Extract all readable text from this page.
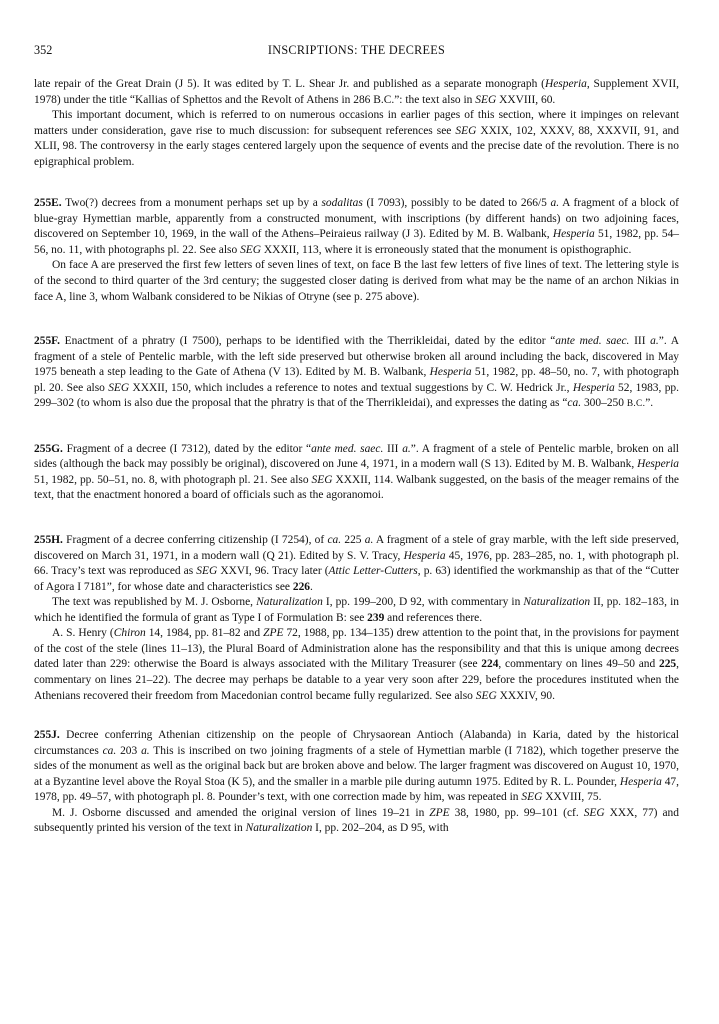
352	INSCRIPTIONS: THE DECREES

late repair of the Great Drain (J 5). It was edited by T. L. Shear Jr. and published as a separate monograph (Hesperia, Supplement XVII, 1978) under the title “Kallias of Sphettos and the Revolt of Athens in 286 B.C.”: the text also in SEG XXVIII, 60.

This important document, which is referred to on numerous occasions in earlier pages of this section, where it impinges on relevant matters under consideration, gave rise to much discussion: for subsequent references see SEG XXIX, 102, XXXV, 88, XXXVII, 91, and XLII, 98. The controversy in the early stages centered largely upon the sequence of events and the precise date of the revolution. There is no epigraphical problem.

255E. Two(?) decrees from a monument perhaps set up by a sodalitas (I 7093), possibly to be dated to 266/5 a. A fragment of a block of blue-gray Hymettian marble, apparently from a constructed monument, with inscriptions (by different hands) on two adjoining faces, discovered on September 10, 1969, in the wall of the Athens–Peiraieus railway (J 3). Edited by M. B. Walbank, Hesperia 51, 1982, pp. 54–56, no. 11, with photographs pl. 22. See also SEG XXXII, 113, where it is erroneously stated that the monument is opisthographic.

On face A are preserved the first few letters of seven lines of text, on face B the last few letters of five lines of text. The lettering style is of the second to third quarter of the 3rd century; the suggested closer dating is derived from what may be the name of an archon Nikias in face A, line 3, whom Walbank considered to be Nikias of Otryne (see p. 275 above).

255F. Enactment of a phratry (I 7500), perhaps to be identified with the Therrikleidai, dated by the editor “ante med. saec. III a.”. A fragment of a stele of Pentelic marble, with the left side preserved but otherwise broken all around including the back, discovered in May 1975 beneath a step leading to the Gate of Athena (V 13). Edited by M. B. Walbank, Hesperia 51, 1982, pp. 48–50, no. 7, with photograph pl. 20. See also SEG XXXII, 150, which includes a reference to notes and textual suggestions by C. W. Hedrick Jr., Hesperia 52, 1983, pp. 299–302 (to whom is also due the proposal that the phratry is that of the Therrikleidai), and expresses the dating as “ca. 300–250 B.C.”.

255G. Fragment of a decree (I 7312), dated by the editor “ante med. saec. III a.”. A fragment of a stele of Pentelic marble, broken on all sides (although the back may possibly be original), discovered on June 4, 1971, in a modern wall (S 13). Edited by M. B. Walbank, Hesperia 51, 1982, pp. 50–51, no. 8, with photograph pl. 21. See also SEG XXXII, 114. Walbank suggested, on the basis of the meager remains of the text, that the enactment honored a board of officials such as the agoranomoi.

255H. Fragment of a decree conferring citizenship (I 7254), of ca. 225 a. A fragment of a stele of gray marble, with the left side preserved, discovered on March 31, 1971, in a modern wall (Q 21). Edited by S. V. Tracy, Hesperia 45, 1976, pp. 283–285, no. 1, with photograph pl. 66. Tracy’s text was reproduced as SEG XXVI, 96. Tracy later (Attic Letter-Cutters, p. 63) identified the workmanship as that of the “Cutter of Agora I 7181”, for whose date and characteristics see 226.

The text was republished by M. J. Osborne, Naturalization I, pp. 199–200, D 92, with commentary in Naturalization II, pp. 182–183, in which he identified the formula of grant as Type I of Formulation B: see 239 and references there.

A. S. Henry (Chiron 14, 1984, pp. 81–82 and ZPE 72, 1988, pp. 134–135) drew attention to the point that, in the provisions for payment of the cost of the stele (lines 11–13), the Plural Board of Administration alone has the responsibility and that this is unique among decrees dated later than 229: otherwise the Board is always associated with the Military Treasurer (see 224, commentary on lines 49–50 and 225, commentary on lines 21–22). The decree may perhaps be datable to a year very soon after 229, before the procedures instituted when the Athenians recovered their freedom from Macedonian control became fully regularized. See also SEG XXXIV, 90.

255J. Decree conferring Athenian citizenship on the people of Chrysaorean Antioch (Alabanda) in Karia, dated by the historical circumstances ca. 203 a. This is inscribed on two joining fragments of a stele of Hymettian marble (I 7182), which together preserve the sides of the monument as well as the original back but are broken above and below. The larger fragment was discovered on August 10, 1970, at a Byzantine level above the Royal Stoa (K 5), and the smaller in a marble pile during autumn 1975. Edited by R. L. Pounder, Hesperia 47, 1978, pp. 49–57, with photograph pl. 8. Pounder’s text, with one correction made by him, was repeated in SEG XXVIII, 75.

M. J. Osborne discussed and amended the original version of lines 19–21 in ZPE 38, 1980, pp. 99–101 (cf. SEG XXX, 77) and subsequently printed his version of the text in Naturalization I, pp. 202–204, as D 95, with
